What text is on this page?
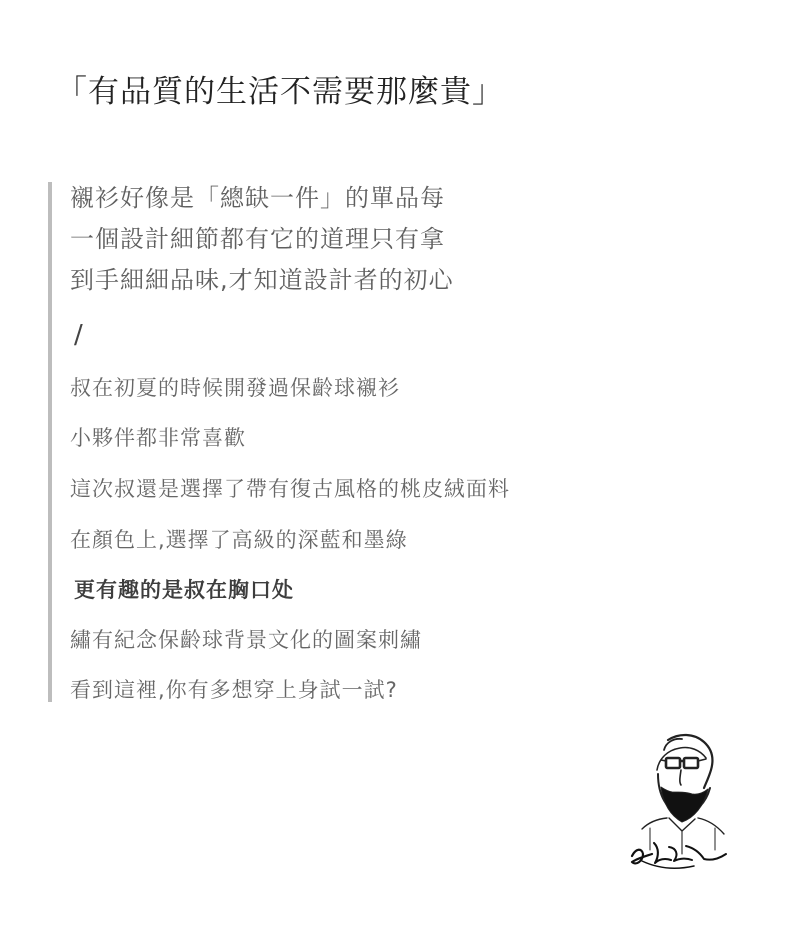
「有品質的生活不需要那麼貴」
襯衫好像是「總缺一件」的單品每
一個設計細節都有它的道理只有拿
到手細細品味,才知道設計者的初心
/
叔在初夏的時候開發過保齡球襯衫
小夥伴都非常喜歡
這次叔還是選擇了帶有復古風格的桃皮絨面料
在顏色上,選擇了高級的深藍和墨綠
更有趣的是叔在胸口处
繡有紀念保齡球背景文化的圖案刺繡
看到這裡,你有多想穿上身試一試?
